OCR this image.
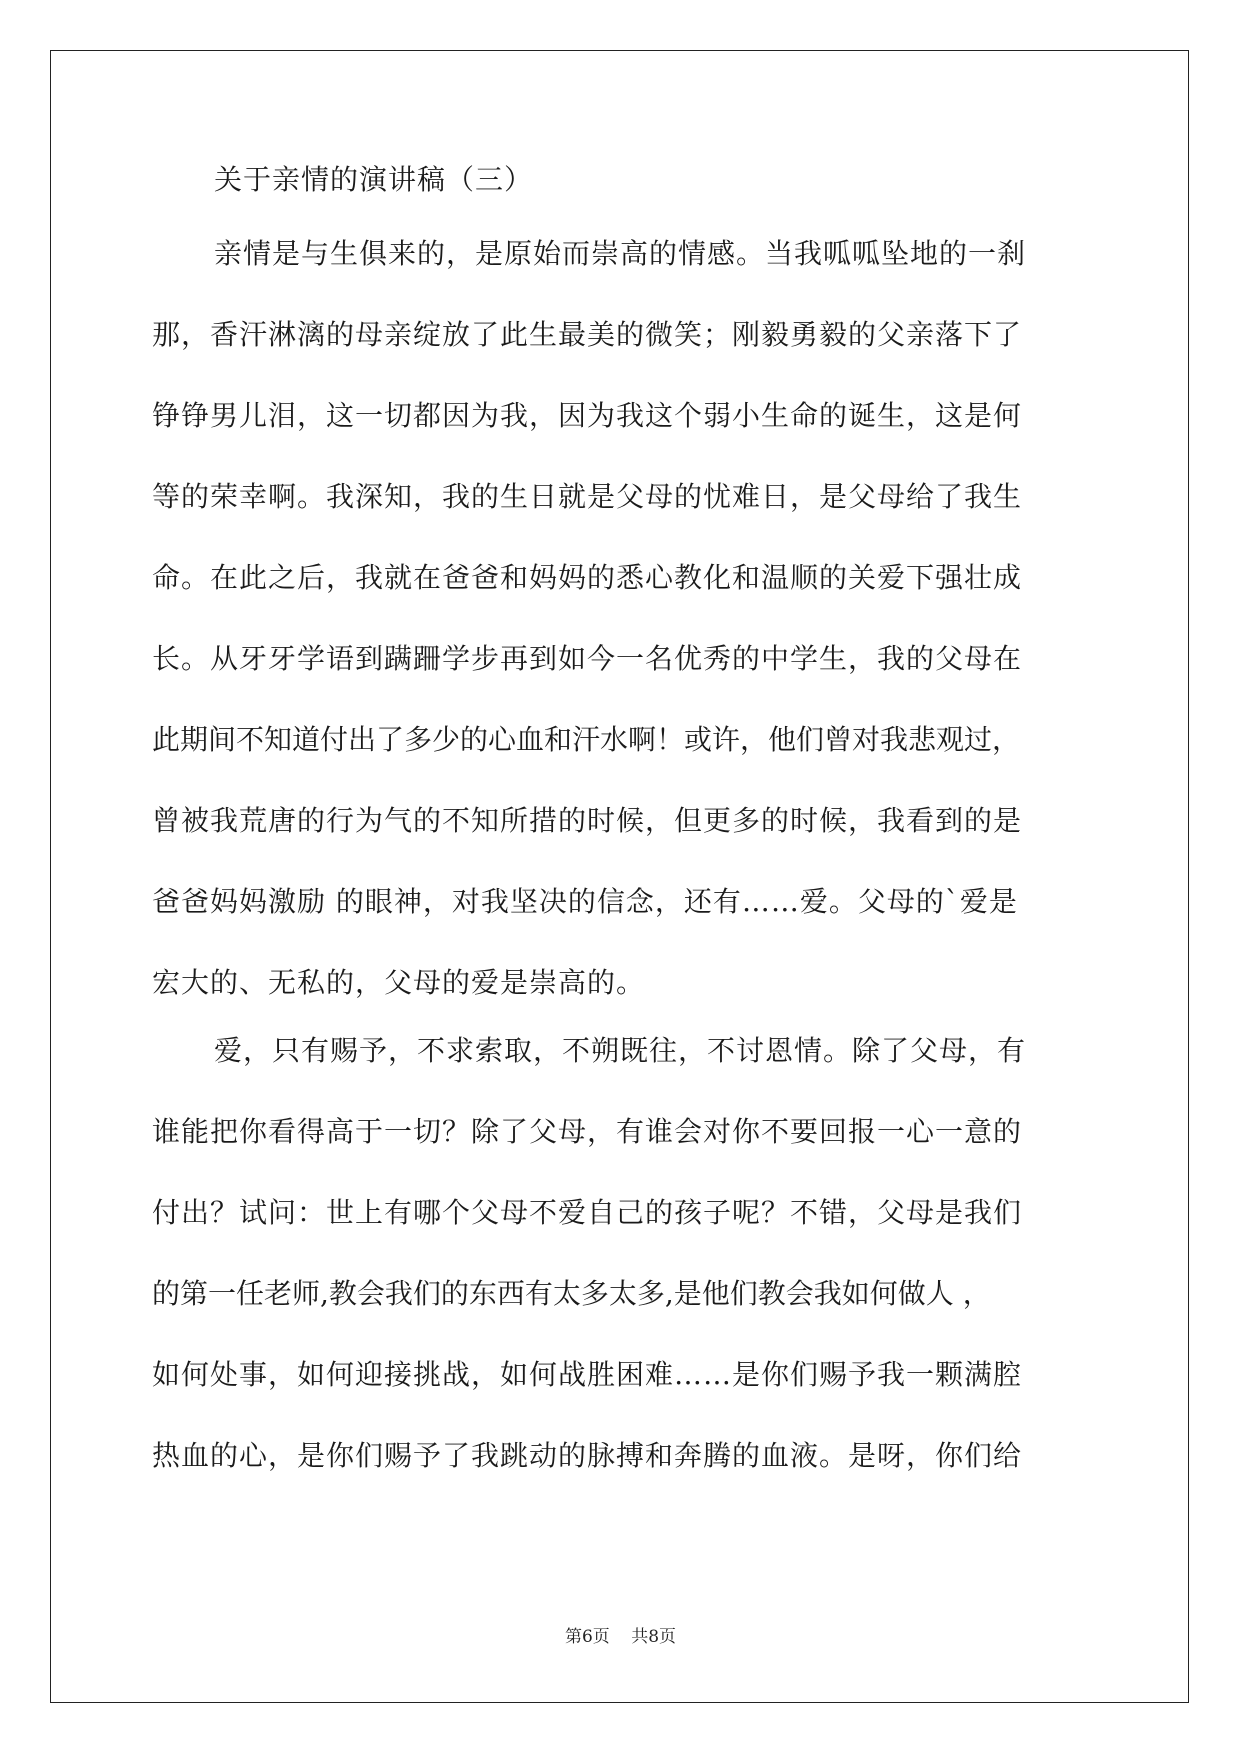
关于亲情的演讲稿（三）
亲情是与生俱来的，是原始而崇高的情感。当我呱呱坠地的一刹
那，香汗淋漓的母亲绽放了此生最美的微笑；刚毅勇毅的父亲落下了
铮铮男儿泪，这一切都因为我，因为我这个弱小生命的诞生，这是何
等的荣幸啊。我深知，我的生日就是父母的忧难日，是父母给了我生
命。在此之后，我就在爸爸和妈妈的悉心教化和温顺的关爱下强壮成
长。从牙牙学语到蹒跚学步再到如今一名优秀的中学生，我的父母在
此期间不知道付出了多少的心血和汗水啊！或许，他们曾对我悲观过，
曾被我荒唐的行为气的不知所措的时候，但更多的时候，我看到的是
爸爸妈妈激励 的眼神，对我坚决的信念，还有……爱。父母的`爱是
宏大的、无私的，父母的爱是崇高的。
爱，只有赐予，不求索取，不朔既往，不讨恩情。除了父母，有
谁能把你看得高于一切？除了父母，有谁会对你不要回报一心一意的
付出？试问：世上有哪个父母不爱自己的孩子呢？不错，父母是我们
的第一任老师,教会我们的东西有太多太多,是他们教会我如何做人 ，
如何处事，如何迎接挑战，如何战胜困难……是你们赐予我一颗满腔
热血的心，是你们赐予了我跳动的脉搏和奔腾的血液。是呀，你们给
第6页 共8页
